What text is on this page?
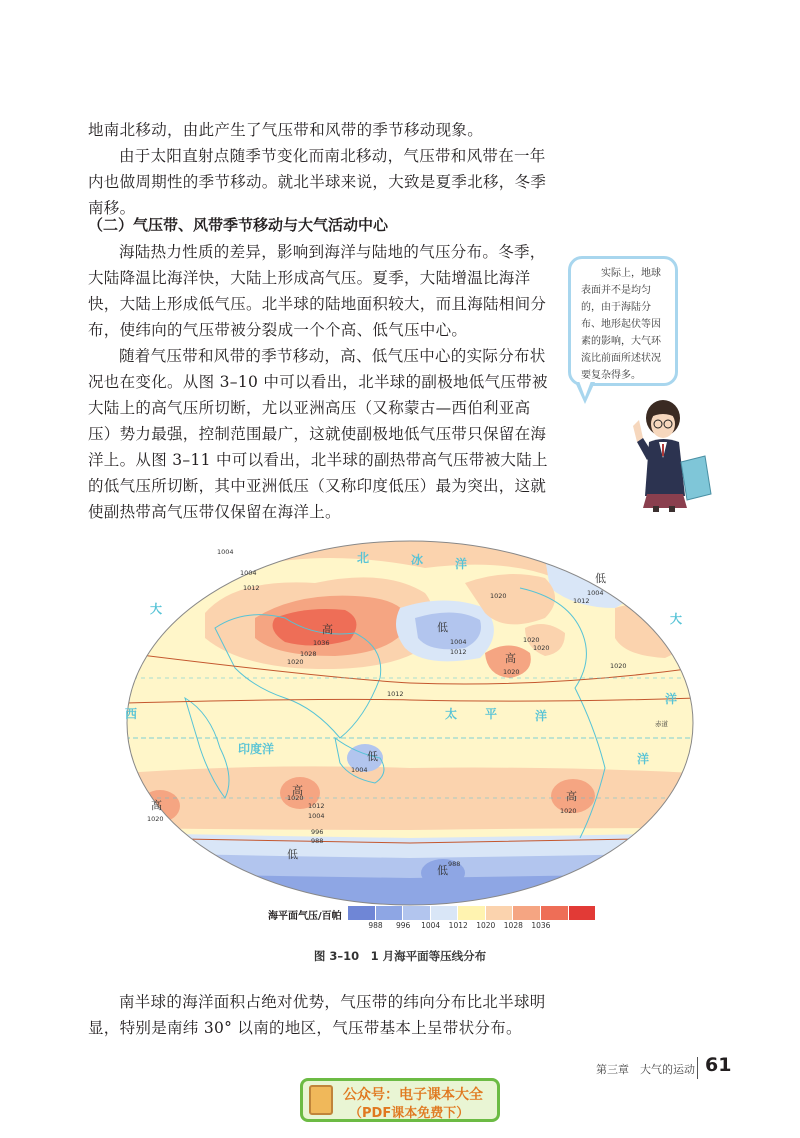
地南北移动，由此产生了气压带和风带的季节移动现象。

由于太阳直射点随季节变化而南北移动，气压带和风带在一年内也做周期性的季节移动。就北半球来说，大致是夏季北移，冬季南移。

（二）气压带、风带季节移动与大气活动中心

海陆热力性质的差异，影响到海洋与陆地的气压分布。冬季，大陆降温比海洋快，大陆上形成高气压。夏季，大陆增温比海洋快，大陆上形成低气压。北半球的陆地面积较大，而且海陆相间分布，使纬向的气压带被分裂成一个个高、低气压中心。

随着气压带和风带的季节移动，高、低气压中心的实际分布状况也在变化。从图 3–10 中可以看出，北半球的副极地低气压带被大陆上的高气压所切断，尤以亚洲高压（又称蒙古—西伯利亚高压）势力最强，控制范围最广，这就使副极地低气压带只保留在海洋上。从图 3–11 中可以看出，北半球的副热带高气压带被大陆上的低气压所切断，其中亚洲低压（又称印度低压）最为突出，这就使副热带高气压带仅保留在海洋上。

实际上，地球表面并不是均匀的，由于海陆分布、地形起伏等因素的影响，大气环流比前面所述状况要复杂得多。
北	冰	洋
大
大
西
洋
太 平	洋
印度洋
洋
高
高
高
高
高
低
低
低
低
低
1004
1004
1012
1020
1036
1028
1020
1004
1012
1020
1004
1012
1020
1020
1012
1004
1020
1012
1004
996
988
1020
1020
988
1020
赤道
海平面气压/百帕
988 996 1004 1012 1020 1028 1036
图 3–10　1 月海平面等压线分布

南半球的海洋面积占绝对优势，气压带的纬向分布比北半球明显，特别是南纬 30° 以南的地区，气压带基本上呈带状分布。

第三章　大气的运动 61
公众号：电子课本大全
（PDF课本免费下）
